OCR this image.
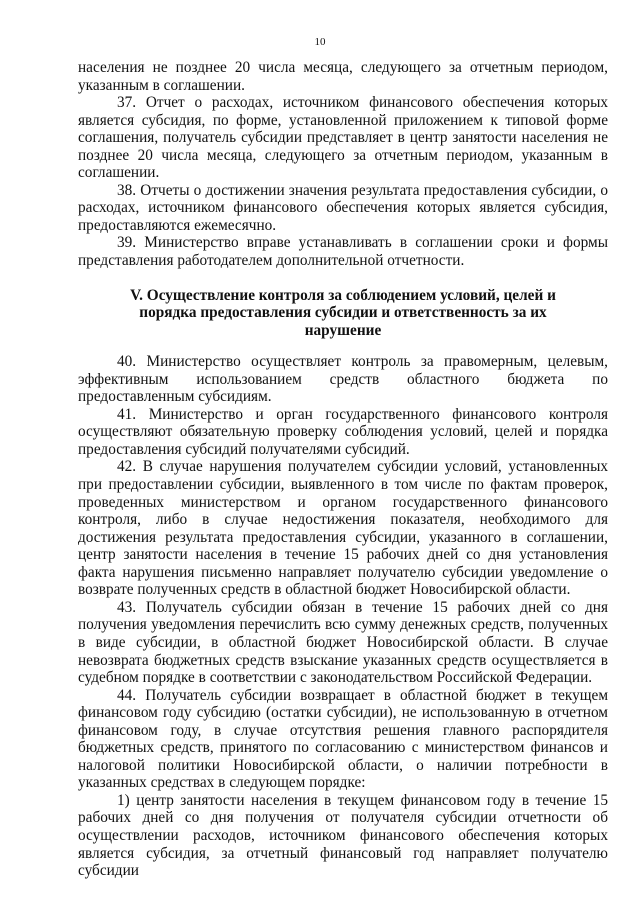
10

населения не позднее 20 числа месяца, следующего за отчетным периодом, указанным в соглашении.

37. Отчет о расходах, источником финансового обеспечения которых является субсидия, по форме, установленной приложением к типовой форме соглашения, получатель субсидии представляет в центр занятости населения не позднее 20 числа месяца, следующего за отчетным периодом, указанным в соглашении.

38. Отчеты о достижении значения результата предоставления субсидии, о расходах, источником финансового обеспечения которых является субсидия, предоставляются ежемесячно.

39. Министерство вправе устанавливать в соглашении сроки и формы представления работодателем дополнительной отчетности.

V. Осуществление контроля за соблюдением условий, целей и порядка предоставления субсидии и ответственность за их нарушение

40. Министерство осуществляет контроль за правомерным, целевым, эффективным использованием средств областного бюджета по предоставленным субсидиям.

41. Министерство и орган государственного финансового контроля осуществляют обязательную проверку соблюдения условий, целей и порядка предоставления субсидий получателями субсидий.

42. В случае нарушения получателем субсидии условий, установленных при предоставлении субсидии, выявленного в том числе по фактам проверок, проведенных министерством и органом государственного финансового контроля, либо в случае недостижения показателя, необходимого для достижения результата предоставления субсидии, указанного в соглашении, центр занятости населения в течение 15 рабочих дней со дня установления факта нарушения письменно направляет получателю субсидии уведомление о возврате полученных средств в областной бюджет Новосибирской области.

43. Получатель субсидии обязан в течение 15 рабочих дней со дня получения уведомления перечислить всю сумму денежных средств, полученных в виде субсидии, в областной бюджет Новосибирской области. В случае невозврата бюджетных средств взыскание указанных средств осуществляется в судебном порядке в соответствии с законодательством Российской Федерации.

44. Получатель субсидии возвращает в областной бюджет в текущем финансовом году субсидию (остатки субсидии), не использованную в отчетном финансовом году, в случае отсутствия решения главного распорядителя бюджетных средств, принятого по согласованию с министерством финансов и налоговой политики Новосибирской области, о наличии потребности в указанных средствах в следующем порядке:

1) центр занятости населения в текущем финансовом году в течение 15 рабочих дней со дня получения от получателя субсидии отчетности об осуществлении расходов, источником финансового обеспечения которых является субсидия, за отчетный финансовый год направляет получателю субсидии
